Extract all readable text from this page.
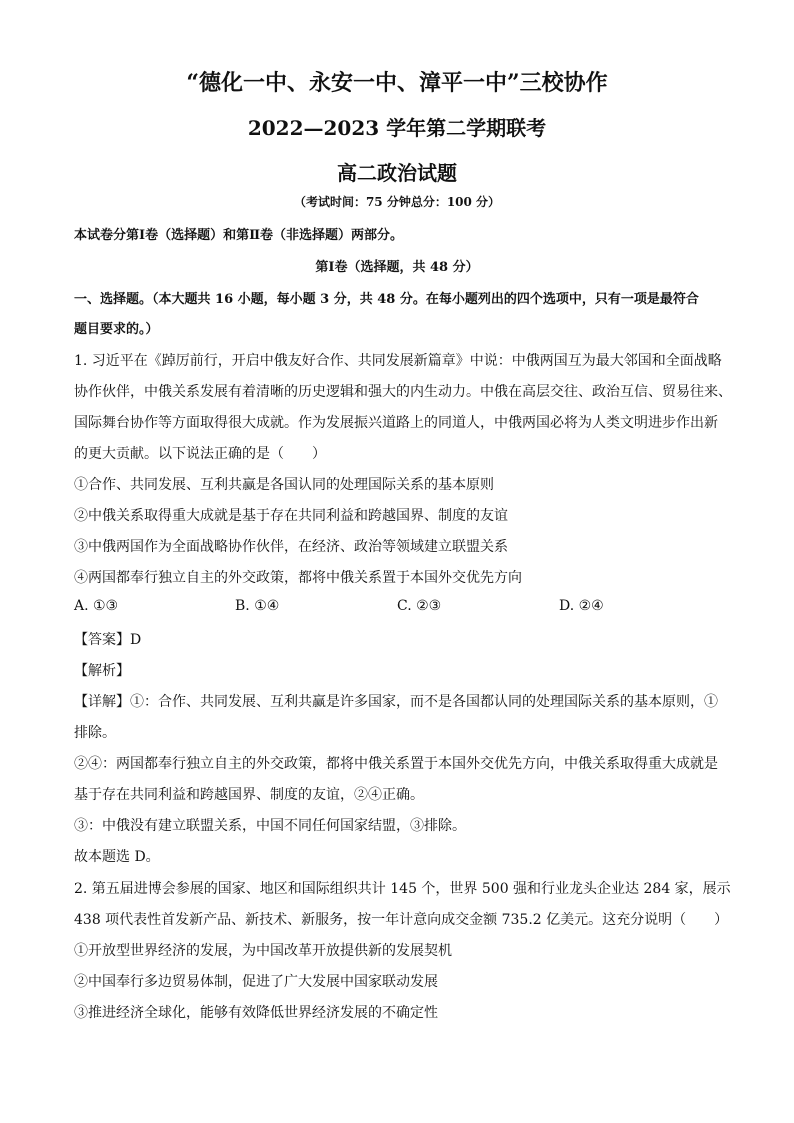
“德化一中、永安一中、漳平一中”三校协作
2022—2023 学年第二学期联考
高二政治试题
（考试时间：75 分钟总分：100 分）
本试卷分第Ⅰ卷（选择题）和第Ⅱ卷（非选择题）两部分。
第Ⅰ卷（选择题，共 48 分）
一、选择题。（本大题共 16 小题，每小题 3 分，共 48 分。在每小题列出的四个选项中，只有一项是最符合
题目要求的。）
1. 习近平在《踔厉前行，开启中俄友好合作、共同发展新篇章》中说：中俄两国互为最大邻国和全面战略
协作伙伴，中俄关系发展有着清晰的历史逻辑和强大的内生动力。中俄在高层交往、政治互信、贸易往来、
国际舞台协作等方面取得很大成就。作为发展振兴道路上的同道人，中俄两国必将为人类文明进步作出新
的更大贡献。以下说法正确的是（　　）
①合作、共同发展、互利共赢是各国认同的处理国际关系的基本原则
②中俄关系取得重大成就是基于存在共同利益和跨越国界、制度的友谊
③中俄两国作为全面战略协作伙伴，在经济、政治等领域建立联盟关系
④两国都奉行独立自主的外交政策，都将中俄关系置于本国外交优先方向
A. ①③	B. ①④	C. ②③	D. ②④
【答案】D
【解析】
【详解】①：合作、共同发展、互利共赢是许多国家，而不是各国都认同的处理国际关系的基本原则，①
排除。
②④：两国都奉行独立自主的外交政策，都将中俄关系置于本国外交优先方向，中俄关系取得重大成就是
基于存在共同利益和跨越国界、制度的友谊，②④正确。
③：中俄没有建立联盟关系，中国不同任何国家结盟，③排除。
故本题选 D。
2. 第五届进博会参展的国家、地区和国际组织共计 145 个，世界 500 强和行业龙头企业达 284 家，展示
438 项代表性首发新产品、新技术、新服务，按一年计意向成交金额 735.2 亿美元。这充分说明（　　）
①开放型世界经济的发展，为中国改革开放提供新的发展契机
②中国奉行多边贸易体制，促进了广大发展中国家联动发展
③推进经济全球化，能够有效降低世界经济发展的不确定性
